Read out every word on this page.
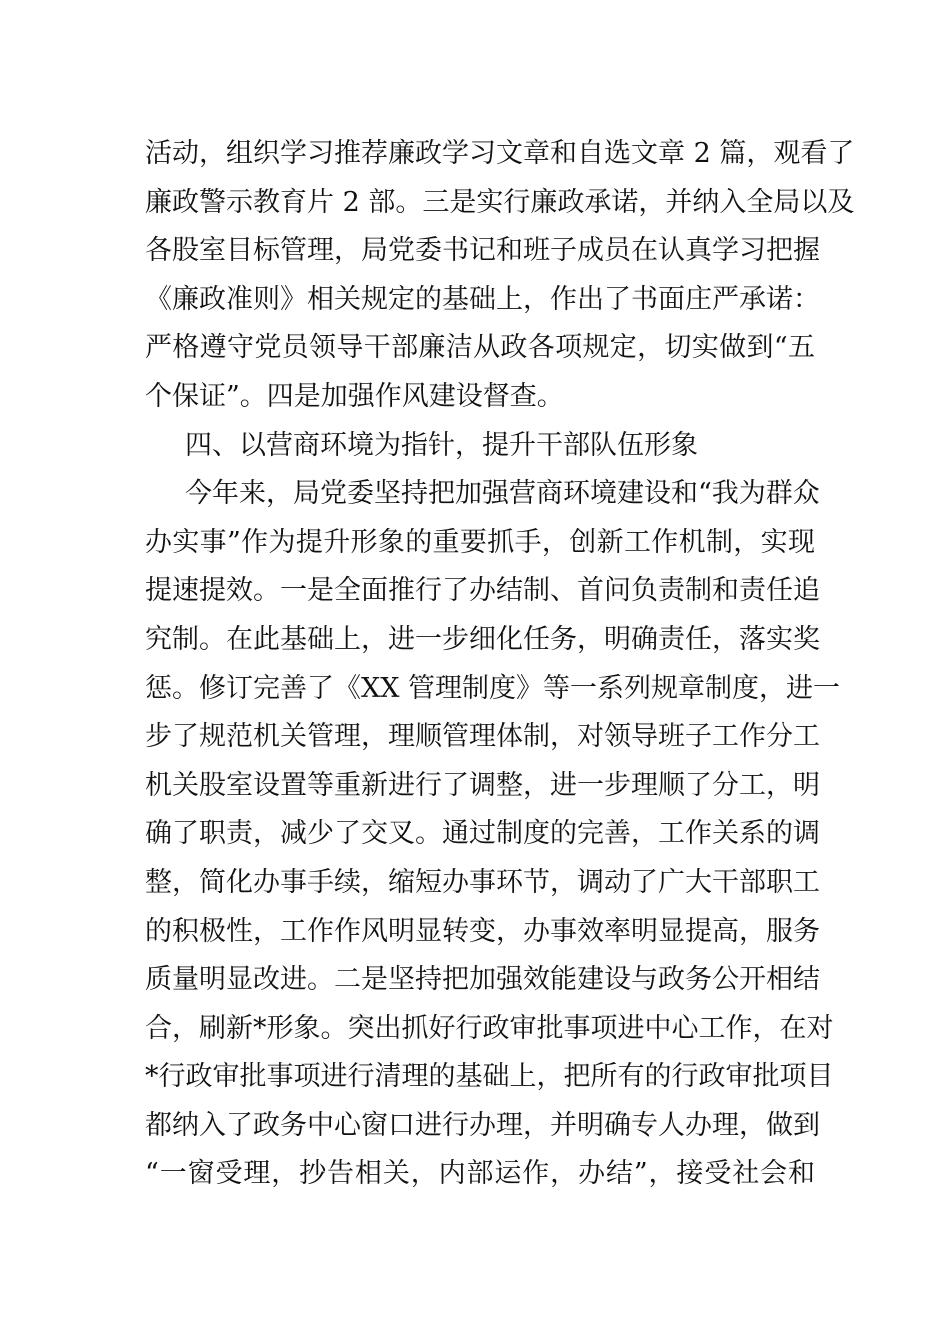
活动，组织学习推荐廉政学习文章和自选文章 2 篇，观看了
廉政警示教育片 2 部。三是实行廉政承诺，并纳入全局以及
各股室目标管理，局党委书记和班子成员在认真学习把握
《廉政准则》相关规定的基础上，作出了书面庄严承诺：
严格遵守党员领导干部廉洁从政各项规定，切实做到“五
个保证”。四是加强作风建设督查。
四、以营商环境为指针，提升干部队伍形象
今年来，局党委坚持把加强营商环境建设和“我为群众
办实事”作为提升形象的重要抓手，创新工作机制，实现
提速提效。一是全面推行了办结制、首问负责制和责任追
究制。在此基础上，进一步细化任务，明确责任，落实奖
惩。修订完善了《XX 管理制度》等一系列规章制度，进一
步了规范机关管理，理顺管理体制，对领导班子工作分工
机关股室设置等重新进行了调整，进一步理顺了分工，明
确了职责，减少了交叉。通过制度的完善，工作关系的调
整，简化办事手续，缩短办事环节，调动了广大干部职工
的积极性，工作作风明显转变，办事效率明显提高，服务
质量明显改进。二是坚持把加强效能建设与政务公开相结
合，刷新*形象。突出抓好行政审批事项进中心工作，在对
*行政审批事项进行清理的基础上，把所有的行政审批项目
都纳入了政务中心窗口进行办理，并明确专人办理，做到
“一窗受理，抄告相关，内部运作，办结”，接受社会和
